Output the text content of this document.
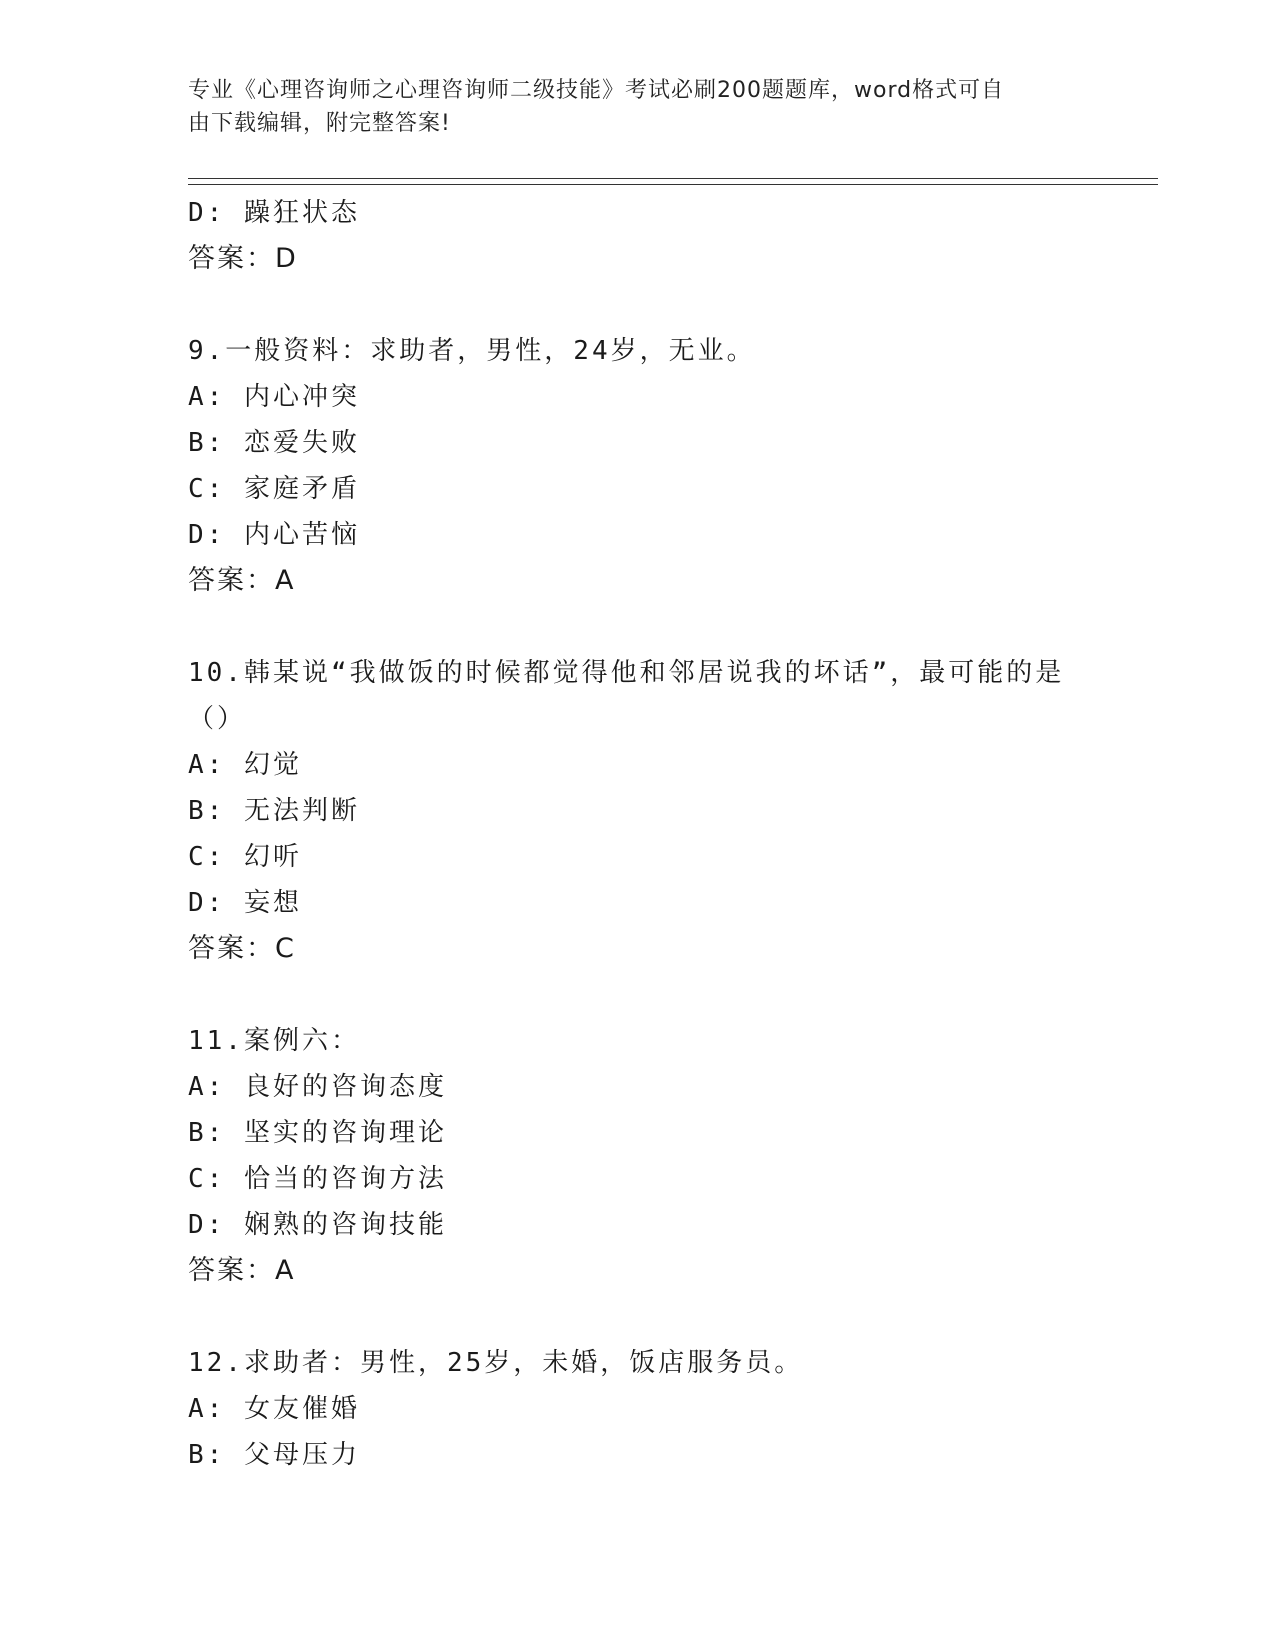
专业《心理咨询师之心理咨询师二级技能》考试必刷200题题库，word格式可自
由下载编辑，附完整答案!
D: 躁狂状态
答案：D
9.一般资料：求助者，男性，24岁，无业。
A: 内心冲突
B: 恋爱失败
C: 家庭矛盾
D: 内心苦恼
答案：A
10.韩某说“我做饭的时候都觉得他和邻居说我的坏话”，最可能的是
（）
A: 幻觉
B: 无法判断
C: 幻听
D: 妄想
答案：C
11.案例六：
A: 良好的咨询态度
B: 坚实的咨询理论
C: 恰当的咨询方法
D: 娴熟的咨询技能
答案：A
12.求助者：男性，25岁，未婚，饭店服务员。
A: 女友催婚
B: 父母压力
